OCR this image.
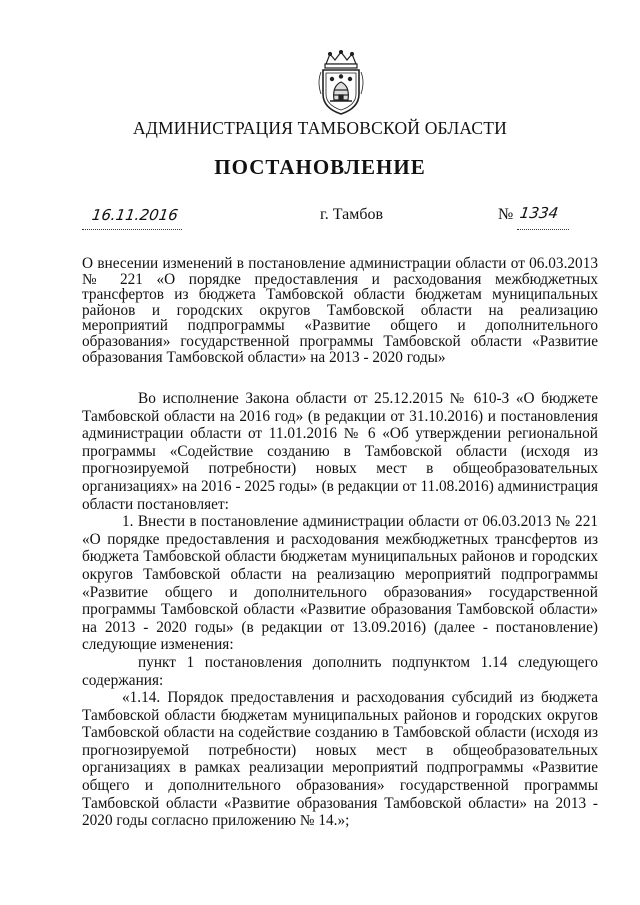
АДМИНИСТРАЦИЯ ТАМБОВСКОЙ ОБЛАСТИ
ПОСТАНОВЛЕНИЕ
16.11.2016	г. Тамбов	№ 1334
О внесении изменений в постановление администрации области от 06.03.2013 № 221 «О порядке предоставления и расходования межбюджетных трансфертов из бюджета Тамбовской области бюджетам муниципальных районов и городских округов Тамбовской области на реализацию мероприятий подпрограммы «Развитие общего и дополнительного образования» государственной программы Тамбовской области «Развитие образования Тамбовской области» на 2013 - 2020 годы»

Во исполнение Закона области от 25.12.2015 № 610-З «О бюджете Тамбовской области на 2016 год» (в редакции от 31.10.2016) и постановления администрации области от 11.01.2016 № 6 «Об утверждении региональной программы «Содействие созданию в Тамбовской области (исходя из прогнозируемой потребности) новых мест в общеобразовательных организациях» на 2016 - 2025 годы» (в редакции от 11.08.2016) администрация области постановляет:

1. Внести в постановление администрации области от 06.03.2013 № 221 «О порядке предоставления и расходования межбюджетных трансфертов из бюджета Тамбовской области бюджетам муниципальных районов и городских округов Тамбовской области на реализацию мероприятий подпрограммы «Развитие общего и дополнительного образования» государственной программы Тамбовской области «Развитие образования Тамбовской области» на 2013 - 2020 годы» (в редакции от 13.09.2016) (далее - постановление) следующие изменения:

пункт 1 постановления дополнить подпунктом 1.14 следующего содержания:

«1.14. Порядок предоставления и расходования субсидий из бюджета Тамбовской области бюджетам муниципальных районов и городских округов Тамбовской области на содействие созданию в Тамбовской области (исходя из прогнозируемой потребности) новых мест в общеобразовательных организациях в рамках реализации мероприятий подпрограммы «Развитие общего и дополнительного образования» государственной программы Тамбовской области «Развитие образования Тамбовской области» на 2013 - 2020 годы согласно приложению № 14.»;
